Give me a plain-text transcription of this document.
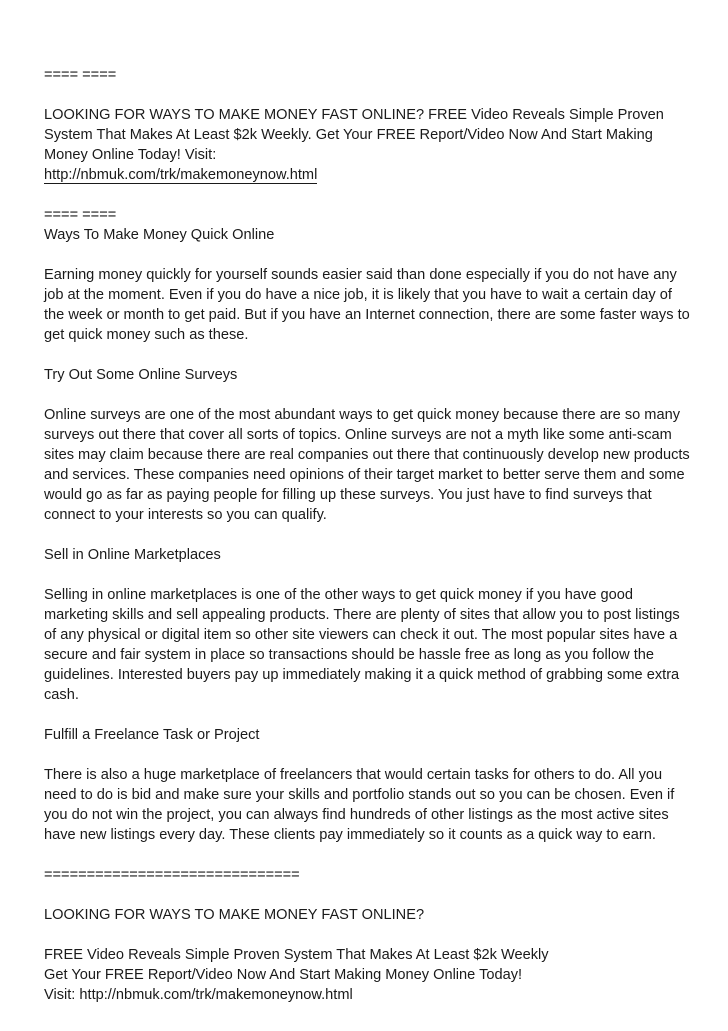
==== ====

LOOKING FOR WAYS TO MAKE MONEY FAST ONLINE? FREE Video Reveals Simple Proven System That Makes At Least $2k Weekly. Get Your FREE Report/Video Now And Start Making Money Online Today! Visit:
http://nbmuk.com/trk/makemoneynow.html

==== ====

Ways To Make Money Quick Online

Earning money quickly for yourself sounds easier said than done especially if you do not have any job at the moment. Even if you do have a nice job, it is likely that you have to wait a certain day of the week or month to get paid. But if you have an Internet connection, there are some faster ways to get quick money such as these.

Try Out Some Online Surveys

Online surveys are one of the most abundant ways to get quick money because there are so many surveys out there that cover all sorts of topics. Online surveys are not a myth like some anti-scam sites may claim because there are real companies out there that continuously develop new products and services. These companies need opinions of their target market to better serve them and some would go as far as paying people for filling up these surveys. You just have to find surveys that connect to your interests so you can qualify.

Sell in Online Marketplaces

Selling in online marketplaces is one of the other ways to get quick money if you have good marketing skills and sell appealing products. There are plenty of sites that allow you to post listings of any physical or digital item so other site viewers can check it out. The most popular sites have a secure and fair system in place so transactions should be hassle free as long as you follow the guidelines. Interested buyers pay up immediately making it a quick method of grabbing some extra cash.

Fulfill a Freelance Task or Project

There is also a huge marketplace of freelancers that would certain tasks for others to do. All you need to do is bid and make sure your skills and portfolio stands out so you can be chosen. Even if you do not win the project, you can always find hundreds of other listings as the most active sites have new listings every day. These clients pay immediately so it counts as a quick way to earn.

==============================

LOOKING FOR WAYS TO MAKE MONEY FAST ONLINE?

FREE Video Reveals Simple Proven System That Makes At Least $2k Weekly

Get Your FREE Report/Video Now And Start Making Money Online Today!

Visit: http://nbmuk.com/trk/makemoneynow.html
